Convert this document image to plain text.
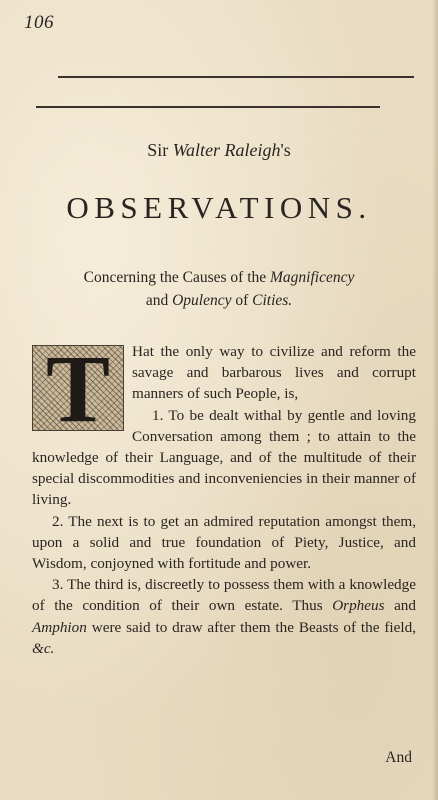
106
Sir Walter Raleigh's
OBSERVATIONS.
Concerning the Causes of the Magnificency
and Opulency of Cities.
T	Hat the only way to civilize and reform the savage and barbarous lives and corrupt manners of such People, is,

1. To be dealt withal by gentle and loving Conversation among them ; to attain to the knowledge of their Language, and of the multitude of their special discommodities and inconveniencies in their manner of living.

2. The next is to get an admired reputation amongst them, upon a solid and true foundation of Piety, Justice, and Wisdom, conjoyned with fortitude and power.

3. The third is, discreetly to possess them with a knowledge of the condition of their own estate. Thus Orpheus and Amphion were said to draw after them the Beasts of the field, &c.

And
